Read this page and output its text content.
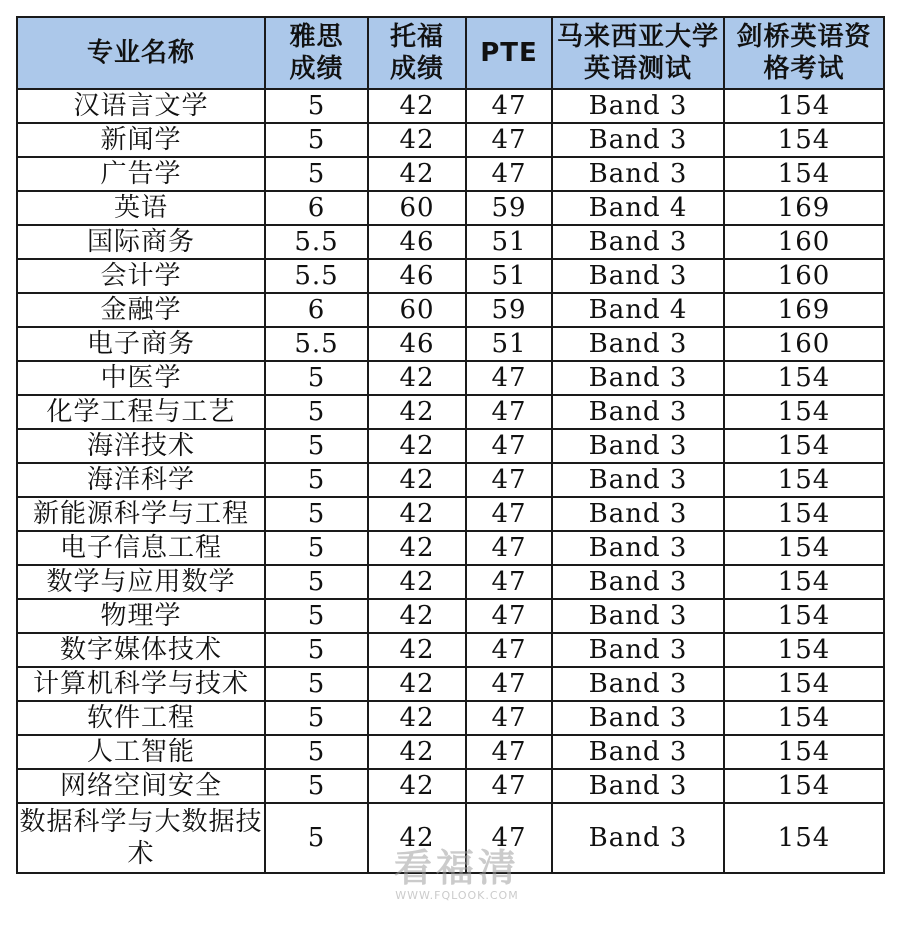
专业名称	雅思成绩	托福成绩	PTE	马来西亚大学英语测试	剑桥英语资格考试
汉语言文学	5	42	47	Band 3	154
新闻学	5	42	47	Band 3	154
广告学	5	42	47	Band 3	154
英语	6	60	59	Band 4	169
国际商务	5.5	46	51	Band 3	160
会计学	5.5	46	51	Band 3	160
金融学	6	60	59	Band 4	169
电子商务	5.5	46	51	Band 3	160
中医学	5	42	47	Band 3	154
化学工程与工艺	5	42	47	Band 3	154
海洋技术	5	42	47	Band 3	154
海洋科学	5	42	47	Band 3	154
新能源科学与工程	5	42	47	Band 3	154
电子信息工程	5	42	47	Band 3	154
数学与应用数学	5	42	47	Band 3	154
物理学	5	42	47	Band 3	154
数字媒体技术	5	42	47	Band 3	154
计算机科学与技术	5	42	47	Band 3	154
软件工程	5	42	47	Band 3	154
人工智能	5	42	47	Band 3	154
网络空间安全	5	42	47	Band 3	154
数据科学与大数据技术	5	42	47	Band 3	154
看福清
WWW.FQLOOK.COM
